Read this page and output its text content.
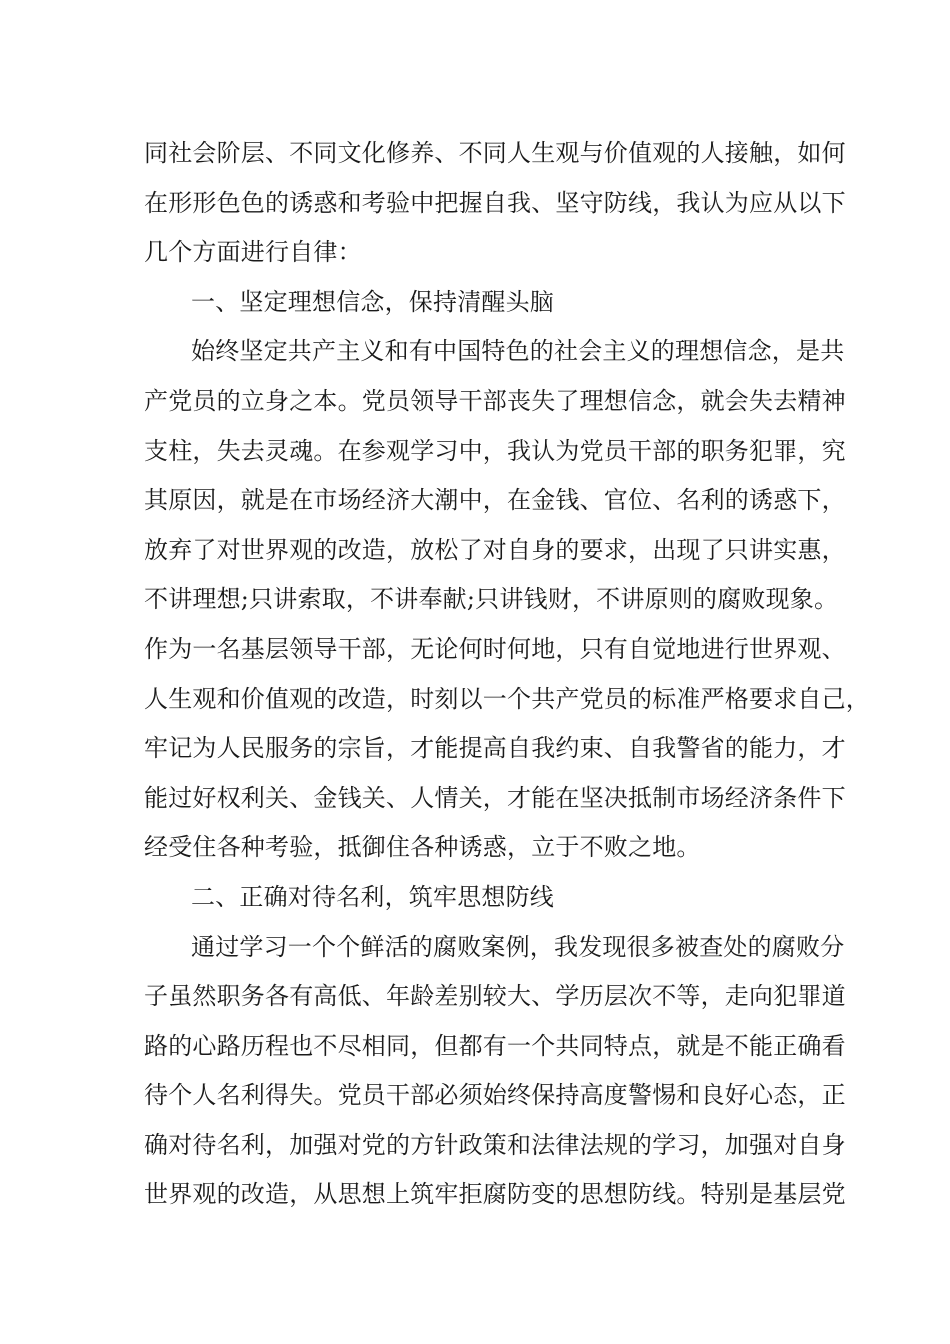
同社会阶层、不同文化修养、不同人生观与价值观的人接触，如何
在形形色色的诱惑和考验中把握自我、坚守防线，我认为应从以下
几个方面进行自律：
一、坚定理想信念，保持清醒头脑
始终坚定共产主义和有中国特色的社会主义的理想信念，是共
产党员的立身之本。党员领导干部丧失了理想信念，就会失去精神
支柱，失去灵魂。在参观学习中，我认为党员干部的职务犯罪，究
其原因，就是在市场经济大潮中，在金钱、官位、名利的诱惑下，
放弃了对世界观的改造，放松了对自身的要求，出现了只讲实惠，
不讲理想;只讲索取，不讲奉献;只讲钱财，不讲原则的腐败现象。
作为一名基层领导干部，无论何时何地，只有自觉地进行世界观、
人生观和价值观的改造，时刻以一个共产党员的标准严格要求自己，
牢记为人民服务的宗旨，才能提高自我约束、自我警省的能力，才
能过好权利关、金钱关、人情关，才能在坚决抵制市场经济条件下
经受住各种考验，抵御住各种诱惑，立于不败之地。
二、正确对待名利，筑牢思想防线
通过学习一个个鲜活的腐败案例，我发现很多被查处的腐败分
子虽然职务各有高低、年龄差别较大、学历层次不等，走向犯罪道
路的心路历程也不尽相同，但都有一个共同特点，就是不能正确看
待个人名利得失。党员干部必须始终保持高度警惕和良好心态，正
确对待名利，加强对党的方针政策和法律法规的学习，加强对自身
世界观的改造，从思想上筑牢拒腐防变的思想防线。特别是基层党
